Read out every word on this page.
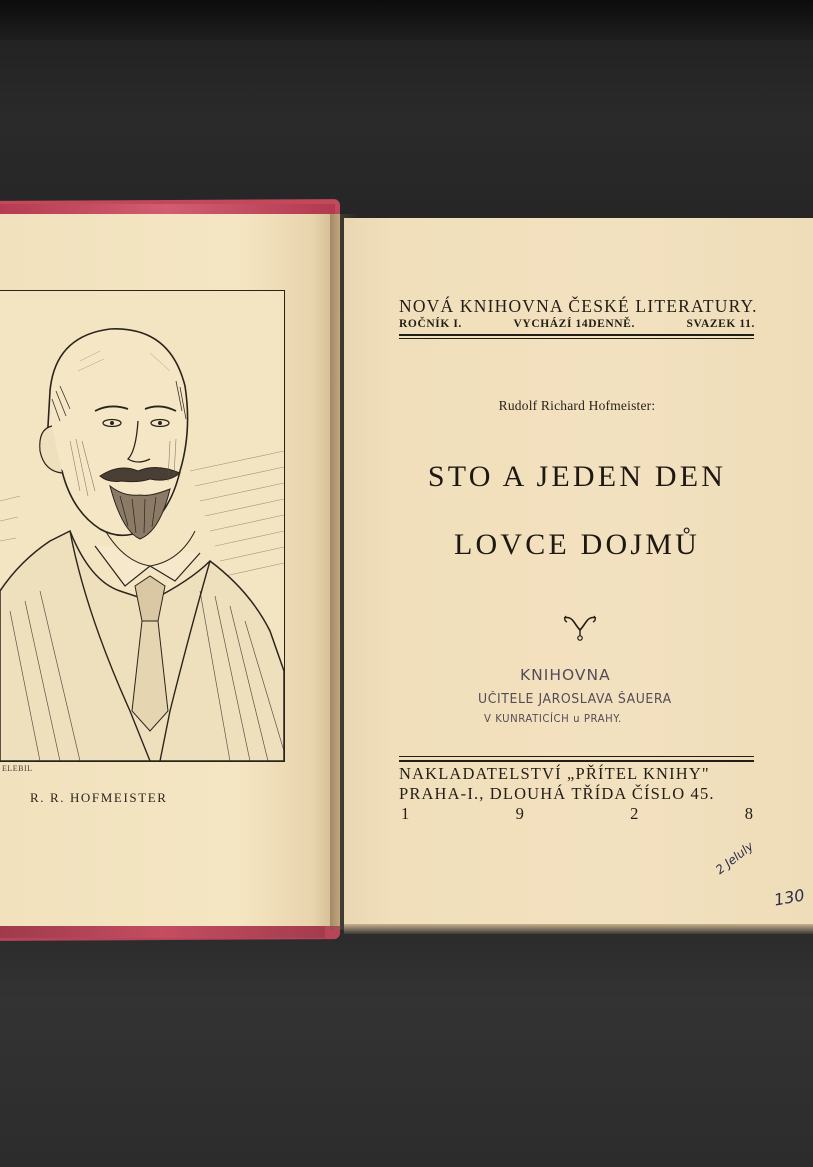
ELEBIL
R. R. HOFMEISTER
NOVÁ KNIHOVNA ČESKÉ LITERATURY.
ROČNÍK I.	VYCHÁZÍ 14DENNĚ.	SVAZEK 11.
Rudolf Richard Hofmeister:
STO A JEDEN DEN
LOVCE DOJMŮ
KNIHOVNA
UČITELE JAROSLAVA ŠAUERA
V KUNRATICÍCH u PRAHY.
NAKLADATELSTVÍ „PŘÍTEL KNIHY"
PRAHA-I., DLOUHÁ TŘÍDA ČÍSLO 45.
1	9	2	8
2 Jeluly
130
